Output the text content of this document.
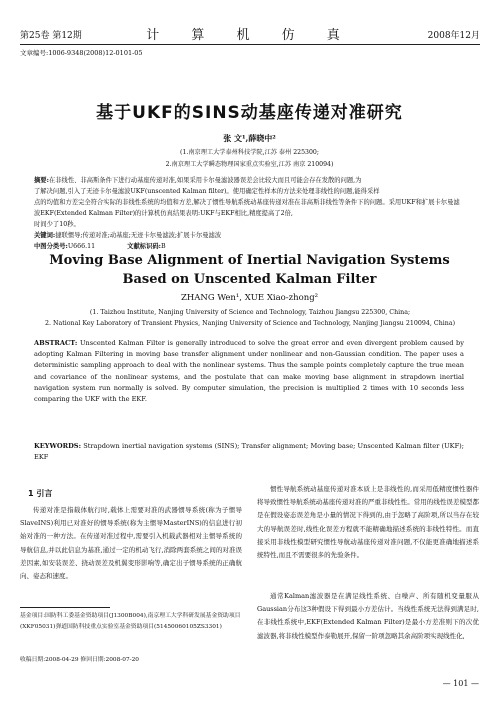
第25卷 第12期	计 算 机 仿 真	2008年12月
文章编号:1006-9348(2008)12-0101-05
基于UKF的SINS动基座传递对准研究
张 文¹,薛晓中²
(1.南京理工大学泰州科技学院,江苏 泰州 225300;
2.南京理工大学瞬态物理国家重点实验室,江苏 南京 210094)
摘要:在非线性、非高斯条件下进行动基座传递对准,如果采用卡尔曼滤波器误差会比较大而且可能会存在发散的问题,为
了解决问题,引入了无迹卡尔曼滤波UKF(unscented Kalman filter)。使用确定性样本的方法来处理非线性的问题,能得采样
点的均值和方差完全符合实际的非线性系统的均值和方差,解决了惯性导航系统动基座传递对准在非高斯非线性等条件下的问题。采用UKF和扩展卡尔曼滤波EKF(Extended Kalman Filter)的计算机仿真结果表明:UKF与EKF相比,精度提高了2倍,
时间少了10秒。
关键词:捷联惯导;传递对准;动基座;无迹卡尔曼滤波;扩展卡尔曼滤波
中图分类号:U666.11	文献标识码:B
Moving Base Alignment of Inertial Navigation Systems
Based on Unscented Kalman Filter
ZHANG Wen¹, XUE Xiao-zhong²
(1. Taizhou Institute, Nanjing University of Science and Technology, Taizhou Jiangsu 225300, China;
2. National Key Laboratory of Transient Physics, Nanjing University of Science and Technology, Nanjing Jiangsu 210094, China)
ABSTRACT: Unscented Kalman Filter is generally introduced to solve the great error and even divergent problem caused by adopting Kalman Filtering in moving base transfer alignment under nonlinear and non-Gaussian condition. The paper uses a deterministic sampling approach to deal with the nonlinear systems. Thus the sample points completely capture the true mean and covariance of the nonlinear systems, and the postulate that can make moving base alignment in strapdown inertial navigation system run normally is solved. By computer simulation, the precision is multiplied 2 times with 10 seconds less comparing the UKF with the EKF.
KEYWORDS: Strapdown inertial navigation systems (SINS); Transfer alignment; Moving base; Unscented Kalman filter (UKF); EKF
1 引言
传递对准是指载体航行时,载体上需要对准的武器惯导系统(称为子惯导SlaveINS)利用已对准好的惯导系统(称为主惯导MasterINS)的信息进行初始对准的一种方法。在传递对准过程中,需要引入机载武器相对主惯导系统的导航信息,并以此信息为基准,通过一定的机动飞行,消除两套系统之间的对准误差因素,如安装误差、挠动误差及机翼变形影响等,确定出子惯导系统的正确航向、姿态和速度。
基金项目:国防科工委基金资助项目(J1300B004),南京理工大学科研发展基金资助项目(XKF05031)弹道国防科技重点实验室基金资助项目(51450060105ZS3301)
收稿日期:2008-04-29 修回日期:2008-07-20
惯性导航系统动基座传递对准本质上是非线性的,而采用低精度惯性器件将导致惯性导航系统动基座传递对准的严重非线性性。常用的线性误差模型都是在假设姿态误差角是小量的情况下得到的,由于忽略了高阶项,所以当存在较大的导航误差时,线性化误差方程就不能精确地描述系统的非线性特性。而直接采用非线性模型研究惯性导航动基座传递对准问题,不仅能更准确地描述系统特性,而且不需要很多的先验条件。
通常Kalman滤波器是在满足线性系统、白噪声、所有随机变量服从Gaussian分布这3种假设下得到最小方差估计。当线性系统无法得到满足时,在非线性系统中,EKF(Extended Kalman Filter)是最小方差准则下的次优滤波器,将非线性模型作泰勒展开,保留一阶项忽略其余高阶项实现线性化,
— 101 —
